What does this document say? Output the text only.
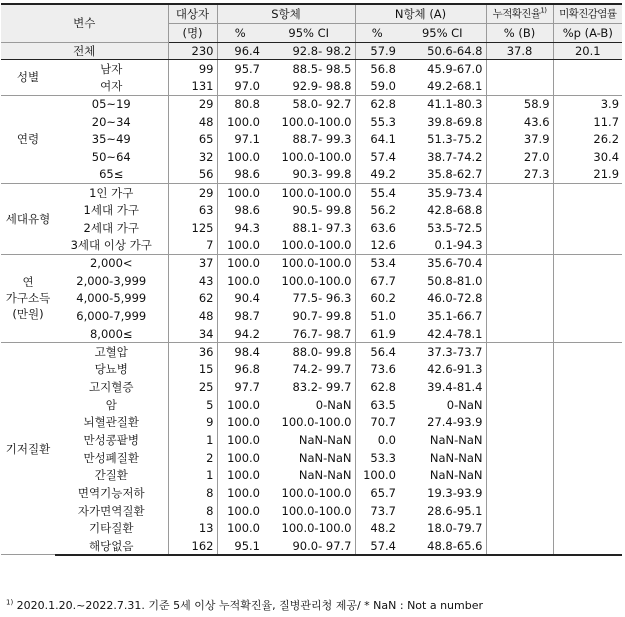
변수		대상자	S항체		N항체 (A)		누적확진율$^{1)}$	미확진감염률
		(명)	%	95% CI	%	95% CI	% (B)	%p (A-B)
전체		230	96.4	92.8- 98.2	57.9	50.6-64.8	37.8	20.1
성별	남자	99	95.7	88.5- 98.5	56.8	45.9-67.0		
	여자	131	97.0	92.9- 98.8	59.0	49.2-68.1		
연령	05~19	29	80.8	58.0- 92.7	62.8	41.1-80.3	58.9	3.9
	20~34	48	100.0	100.0-100.0	55.3	39.8-69.8	43.6	11.7
	35~49	65	97.1	88.7- 99.3	64.1	51.3-75.2	37.9	26.2
	50~64	32	100.0	100.0-100.0	57.4	38.7-74.2	27.0	30.4
	65≤	56	98.6	90.3- 99.8	49.2	35.8-62.7	27.3	21.9
세대유형	1인 가구	29	100.0	100.0-100.0	55.4	35.9-73.4		
	1세대 가구	63	98.6	90.5- 99.8	56.2	42.8-68.8		
	2세대 가구	125	94.3	88.1- 97.3	63.6	53.5-72.5		
	3세대 이상 가구	7	100.0	100.0-100.0	12.6	0.1-94.3		

연
가구소득
(만원)	2,000<	37	100.0	100.0-100.0	53.4	35.6-70.4		
	2,000-3,999	43	100.0	100.0-100.0	67.7	50.8-81.0		
	4,000-5,999	62	90.4	77.5- 96.3	60.2	46.0-72.8		
	6,000-7,999	48	98.7	90.7- 99.8	51.0	35.1-66.7		
	8,000≤	34	94.2	76.7- 98.7	61.9	42.4-78.1		
기저질환	고혈압	36	98.4	88.0- 99.8	56.4	37.3-73.7		
	당뇨병	15	96.8	74.2- 99.7	73.6	42.6-91.3		
	고지혈증	25	97.7	83.2- 99.7	62.8	39.4-81.4		
	암	5	100.0	0-NaN	63.5	0-NaN		
	뇌혈관질환	9	100.0	100.0-100.0	70.7	27.4-93.9		
	만성콩팥병	1	100.0	NaN-NaN	0.0	NaN-NaN		
	만성폐질환	2	100.0	NaN-NaN	53.3	NaN-NaN		
	간질환	1	100.0	NaN-NaN	100.0	NaN-NaN		
	면역기능저하	8	100.0	100.0-100.0	65.7	19.3-93.9		
	자가면역질환	8	100.0	100.0-100.0	73.7	28.6-95.1		
	기타질환	13	100.0	100.0-100.0	48.2	18.0-79.7		
	해당없음	162	95.1	90.0- 97.7	57.4	48.8-65.6		
$^{1)}$ 2020.1.20.~2022.7.31. 기준 5세 이상 누적확진율, 질병관리청 제공/ * NaN : Not a number
